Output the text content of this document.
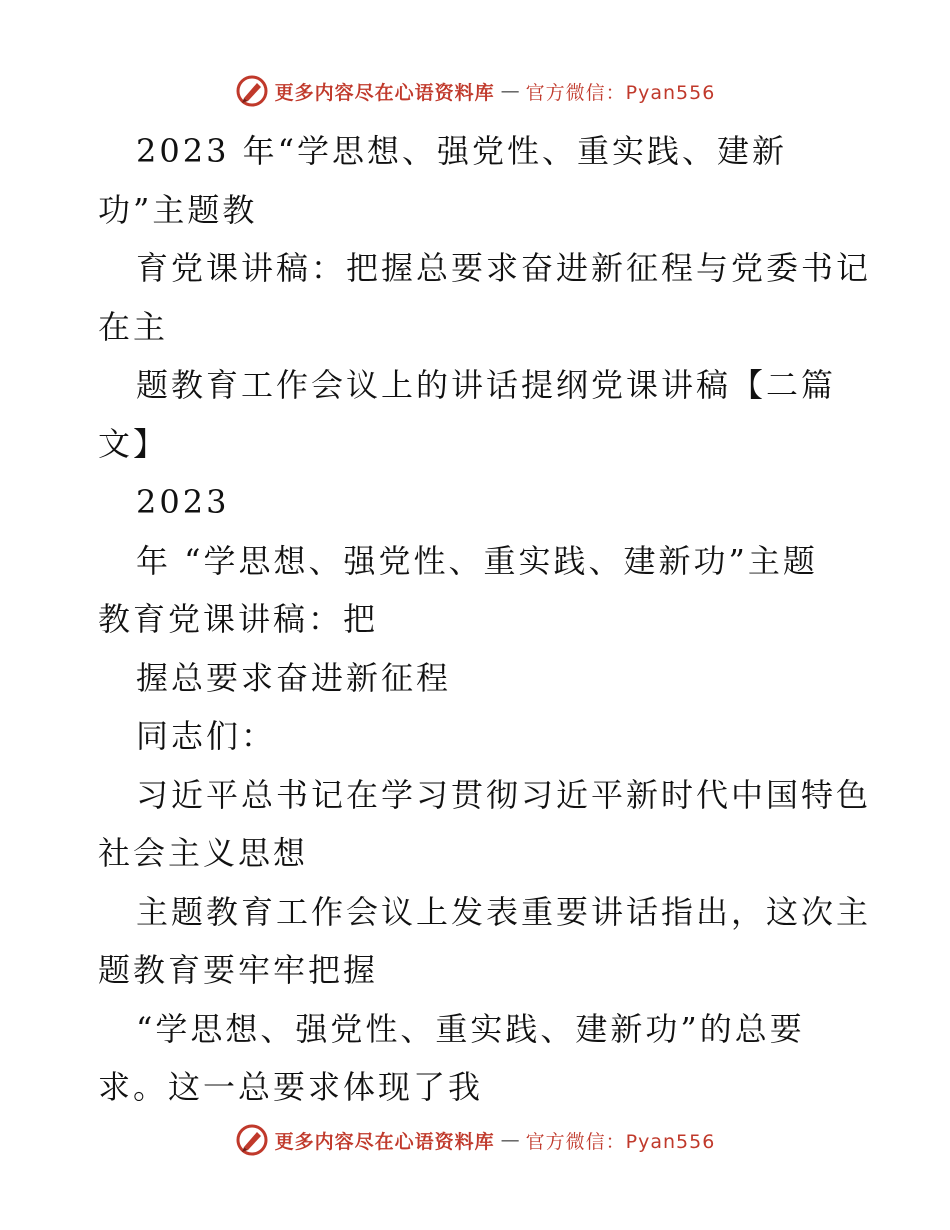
更多内容尽在心语资料库 — 官方微信：Pyan556
2023 年“学思想、强党性、重实践、建新
功”主题教
育党课讲稿：把握总要求奋进新征程与党委书记
在主
题教育工作会议上的讲话提纲党课讲稿【二篇
文】
2023
年 “学思想、强党性、重实践、建新功”主题
教育党课讲稿：把
握总要求奋进新征程
同志们：
习近平总书记在学习贯彻习近平新时代中国特色
社会主义思想
主题教育工作会议上发表重要讲话指出，这次主
题教育要牢牢把握
“学思想、强党性、重实践、建新功”的总要
求。这一总要求体现了我
更多内容尽在心语资料库 — 官方微信：Pyan556
